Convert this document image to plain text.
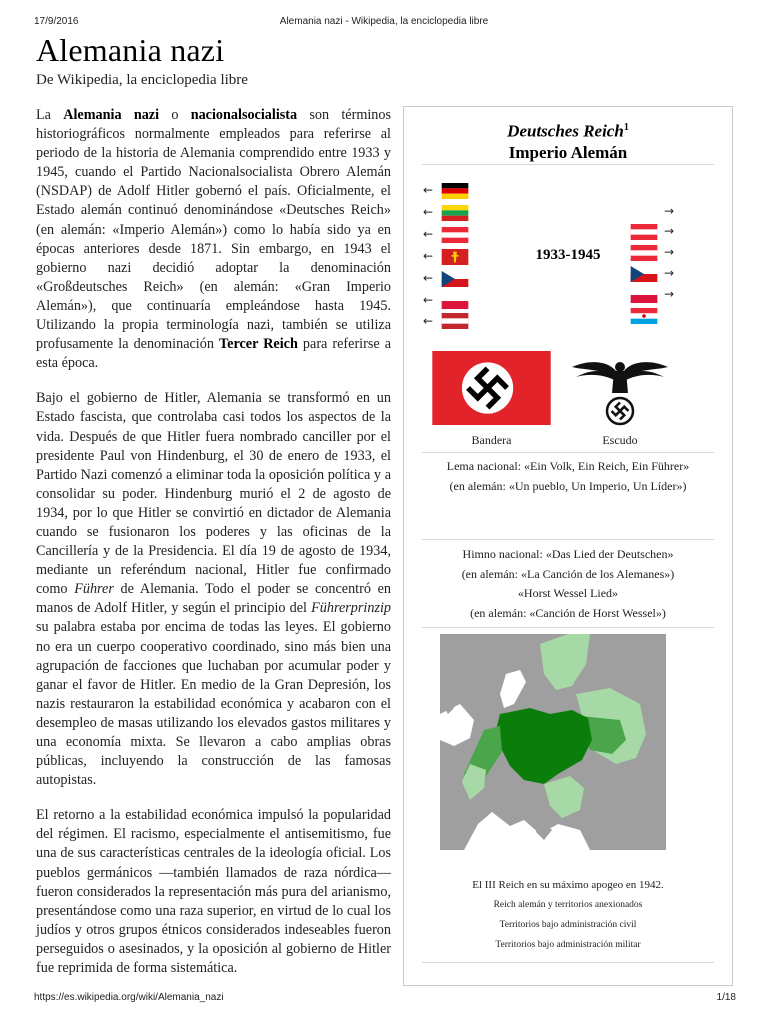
17/9/2016	Alemania nazi - Wikipedia, la enciclopedia libre
Alemania nazi
De Wikipedia, la enciclopedia libre

La Alemania nazi o nacionalsocialista son términos historiográficos normalmente empleados para referirse al periodo de la historia de Alemania comprendido entre 1933 y 1945, cuando el Partido Nacionalsocialista Obrero Alemán (NSDAP) de Adolf Hitler gobernó el país. Oficialmente, el Estado alemán continuó denominándose «Deutsches Reich» (en alemán: «Imperio Alemán») como lo había sido ya en épocas anteriores desde 1871. Sin embargo, en 1943 el gobierno nazi decidió adoptar la denominación «Großdeutsches Reich» (en alemán: «Gran Imperio Alemán»), que continuaría empleándose hasta 1945. Utilizando la propia terminología nazi, también se utiliza profusamente la denominación Tercer Reich para referirse a esta época.

Bajo el gobierno de Hitler, Alemania se transformó en un Estado fascista, que controlaba casi todos los aspectos de la vida. Después de que Hitler fuera nombrado canciller por el presidente Paul von Hindenburg, el 30 de enero de 1933, el Partido Nazi comenzó a eliminar toda la oposición política y a consolidar su poder. Hindenburg murió el 2 de agosto de 1934, por lo que Hitler se convirtió en dictador de Alemania cuando se fusionaron los poderes y las oficinas de la Cancillería y de la Presidencia. El día 19 de agosto de 1934, mediante un referéndum nacional, Hitler fue confirmado como Führer de Alemania. Todo el poder se concentró en manos de Adolf Hitler, y según el principio del Führerprinzip su palabra estaba por encima de todas las leyes. El gobierno no era un cuerpo cooperativo coordinado, sino más bien una agrupación de facciones que luchaban por acumular poder y ganar el favor de Hitler. En medio de la Gran Depresión, los nazis restauraron la estabilidad económica y acabaron con el desempleo de masas utilizando los elevados gastos militares y una economía mixta. Se llevaron a cabo amplias obras públicas, incluyendo la construcción de las famosas autopistas.

El retorno a la estabilidad económica impulsó la popularidad del régimen. El racismo, especialmente el antisemitismo, fue una de sus características centrales de la ideología oficial. Los pueblos germánicos —también llamados de raza nórdica— fueron considerados la representación más pura del arianismo, presentándose como una raza superior, en virtud de lo cual los judíos y otros grupos étnicos considerados indeseables fueron perseguidos o asesinados, y la oposición al gobierno de Hitler fue reprimida de forma sistemática.

Deutsches Reich$^1$
Imperio Alemán
←
←
←
←
←
←
←
1933-1945
→
→
→
→
→
Bandera	Escudo
Lema nacional: «Ein Volk, Ein Reich, Ein Führer»
(en alemán: «Un pueblo, Un Imperio, Un Líder»)
Himno nacional: «Das Lied der Deutschen»
(en alemán: «La Canción de los Alemanes»)
«Horst Wessel Lied»
(en alemán: «Canción de Horst Wessel»)
El III Reich en su máximo apogeo en 1942.
Reich alemán y territorios anexionados
Territorios bajo administración civil
Territorios bajo administración militar
https://es.wikipedia.org/wiki/Alemania_nazi	1/18
